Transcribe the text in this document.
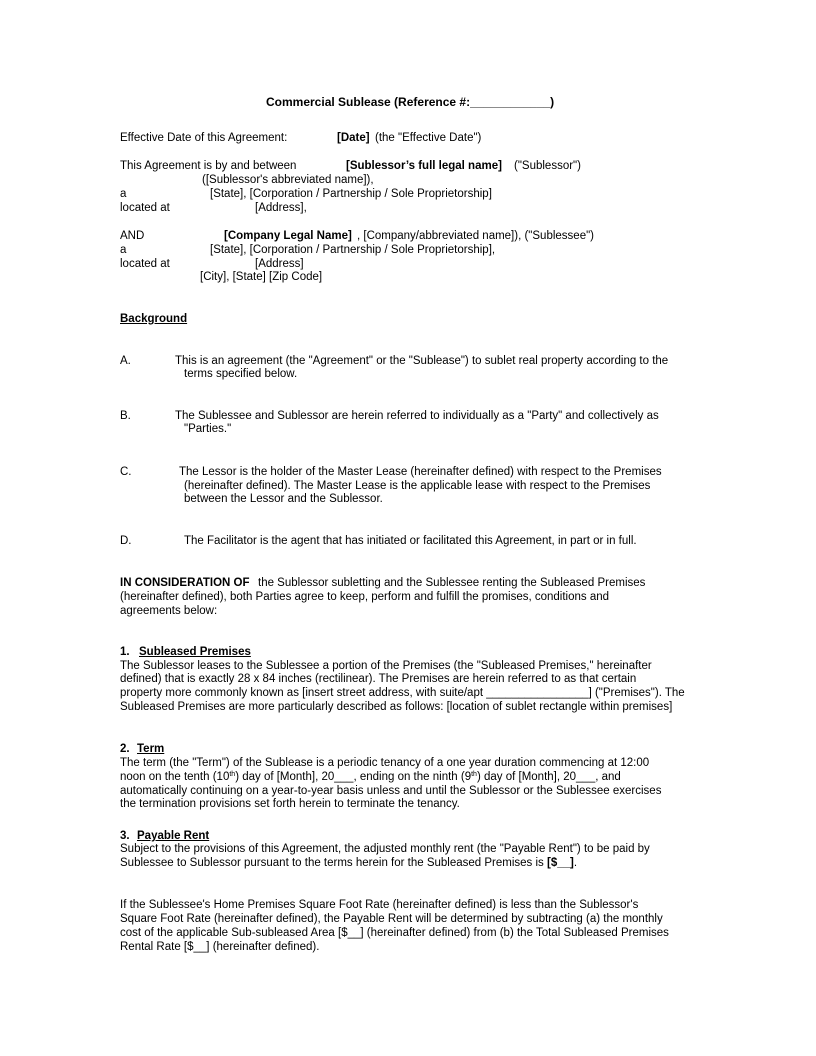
Commercial Sublease (Reference #:____________)
Effective Date of this Agreement:	[Date] (the "Effective Date")
This Agreement is by and between	[Sublessor’s full legal name] ("Sublessor")
([Sublessor's abbreviated name]),
a	[State], [Corporation / Partnership / Sole Proprietorship]
located at	[Address],
AND	[Company Legal Name] , [Company/abbreviated name]), ("Sublessee")
a	[State], [Corporation / Partnership / Sole Proprietorship],
located at	[Address]
[City], [State] [Zip Code]
Background
A.	This is an agreement (the "Agreement" or the "Sublease") to sublet real property according to the
terms specified below.
B.	The Sublessee and Sublessor are herein referred to individually as a "Party" and collectively as
"Parties."
C.	The Lessor is the holder of the Master Lease (hereinafter defined) with respect to the Premises
(hereinafter defined). The Master Lease is the applicable lease with respect to the Premises
between the Lessor and the Sublessor.
D.	The Facilitator is the agent that has initiated or facilitated this Agreement, in part or in full.
IN CONSIDERATION OF the Sublessor subletting and the Sublessee renting the Subleased Premises
(hereinafter defined), both Parties agree to keep, perform and fulfill the promises, conditions and
agreements below:
1. Subleased Premises
The Sublessor leases to the Sublessee a portion of the Premises (the "Subleased Premises," hereinafter
defined) that is exactly 28 x 84 inches (rectilinear). The Premises are herein referred to as that certain
property more commonly known as [insert street address, with suite/apt ________________] ("Premises"). The
Subleased Premises are more particularly described as follows: [location of sublet rectangle within premises]
2. Term
The term (the "Term") of the Sublease is a periodic tenancy of a one year duration commencing at 12:00
noon on the tenth (10th) day of [Month], 20___, ending on the ninth (9th) day of [Month], 20___, and
automatically continuing on a year-to-year basis unless and until the Sublessor or the Sublessee exercises
the termination provisions set forth herein to terminate the tenancy.
3. Payable Rent
Subject to the provisions of this Agreement, the adjusted monthly rent (the "Payable Rent") to be paid by
Sublessee to Sublessor pursuant to the terms herein for the Subleased Premises is [$__].
If the Sublessee's Home Premises Square Foot Rate (hereinafter defined) is less than the Sublessor's
Square Foot Rate (hereinafter defined), the Payable Rent will be determined by subtracting (a) the monthly
cost of the applicable Sub-subleased Area [$__] (hereinafter defined) from (b) the Total Subleased Premises
Rental Rate [$__] (hereinafter defined).
